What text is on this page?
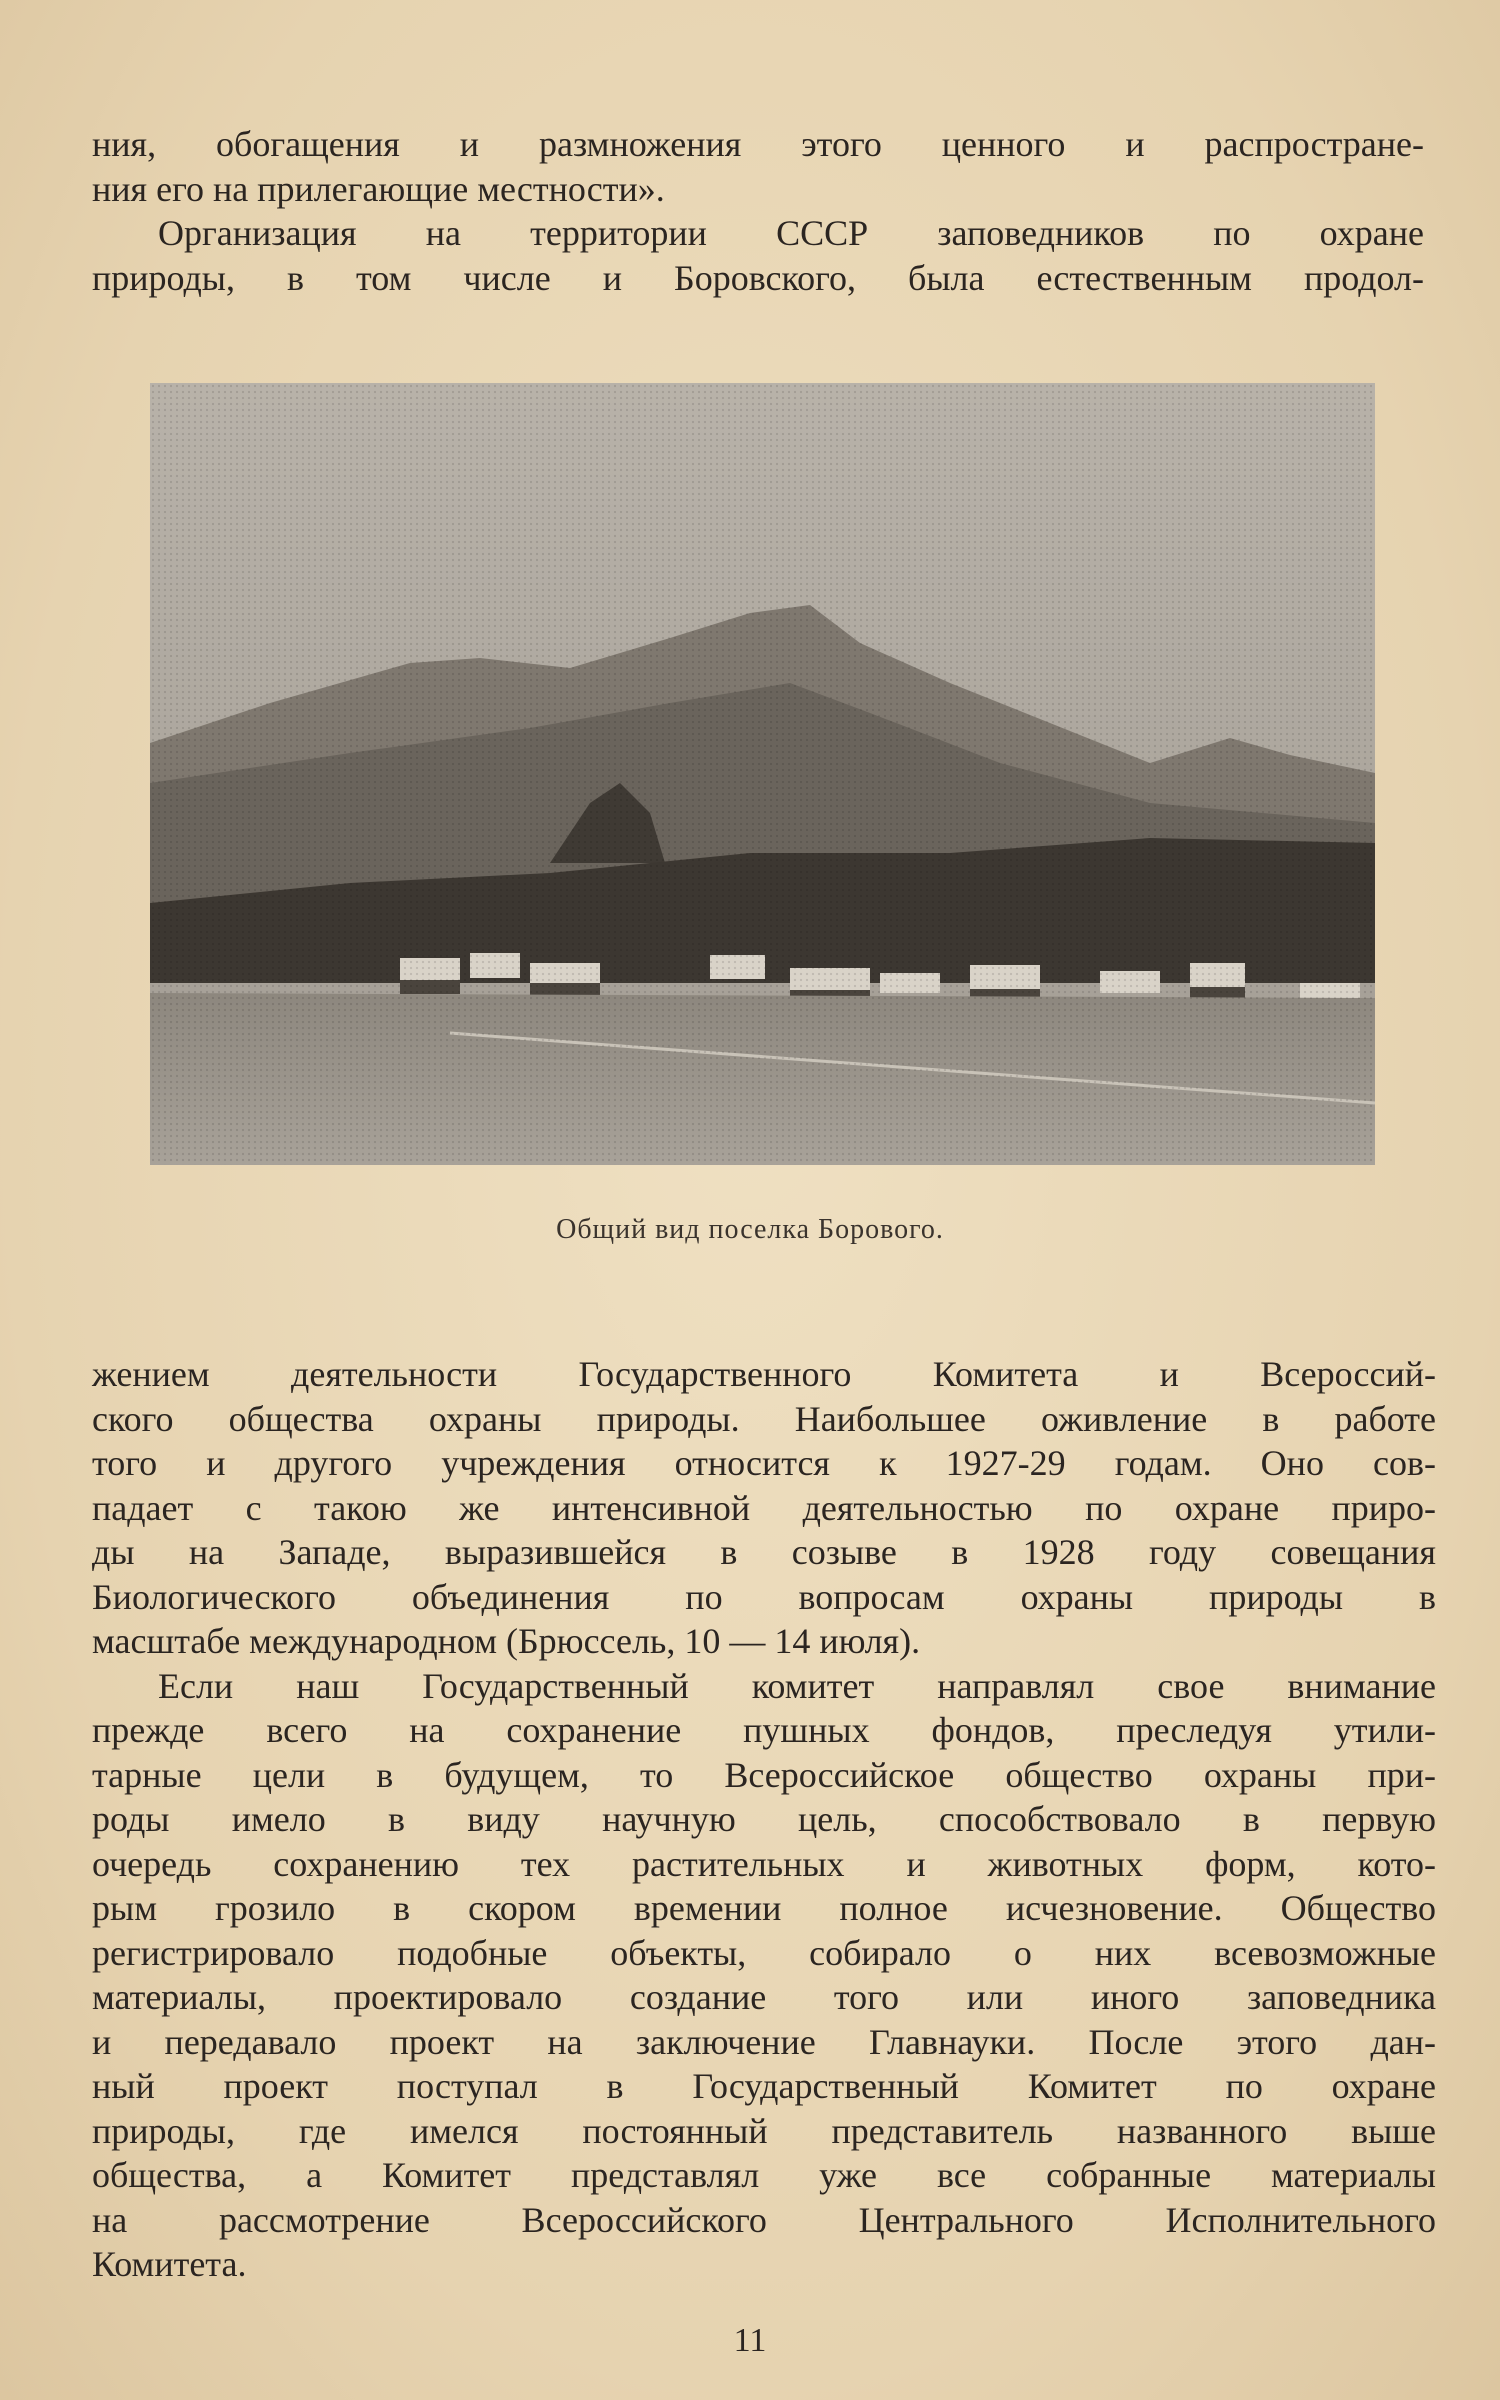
ния, обогащения и размножения этого ценного и распростране-
ния его на прилегающие местности».
Организация на территории СССР заповедников по охране
природы, в том числе и Боровского, была естественным продол-
Общий вид поселка Борового.
жением деятельности Государственного Комитета и Всероссий-
ского общества охраны природы. Наибольшее оживление в работе
того и другого учреждения относится к 1927-29 годам. Оно сов-
падает с такою же интенсивной деятельностью по охране приро-
ды на Западе, выразившейся в созыве в 1928 году совещания
Биологического объединения по вопросам охраны природы в
масштабе международном (Брюссель, 10 — 14 июля).
Если наш Государственный комитет направлял свое внимание
прежде всего на сохранение пушных фондов, преследуя утили-
тарные цели в будущем, то Всероссийское общество охраны при-
роды имело в виду научную цель, способствовало в первую
очередь сохранению тех растительных и животных форм, кото-
рым грозило в скором времении полное исчезновение. Общество
регистрировало подобные объекты, собирало о них всевозможные
материалы, проектировало создание того или иного заповедника
и передавало проект на заключение Главнауки. После этого дан-
ный проект поступал в Государственный Комитет по охране
природы, где имелся постоянный представитель названного выше
общества, а Комитет представлял уже все собранные материалы
на рассмотрение Всероссийского Центрального Исполнительного
Комитета.
11
